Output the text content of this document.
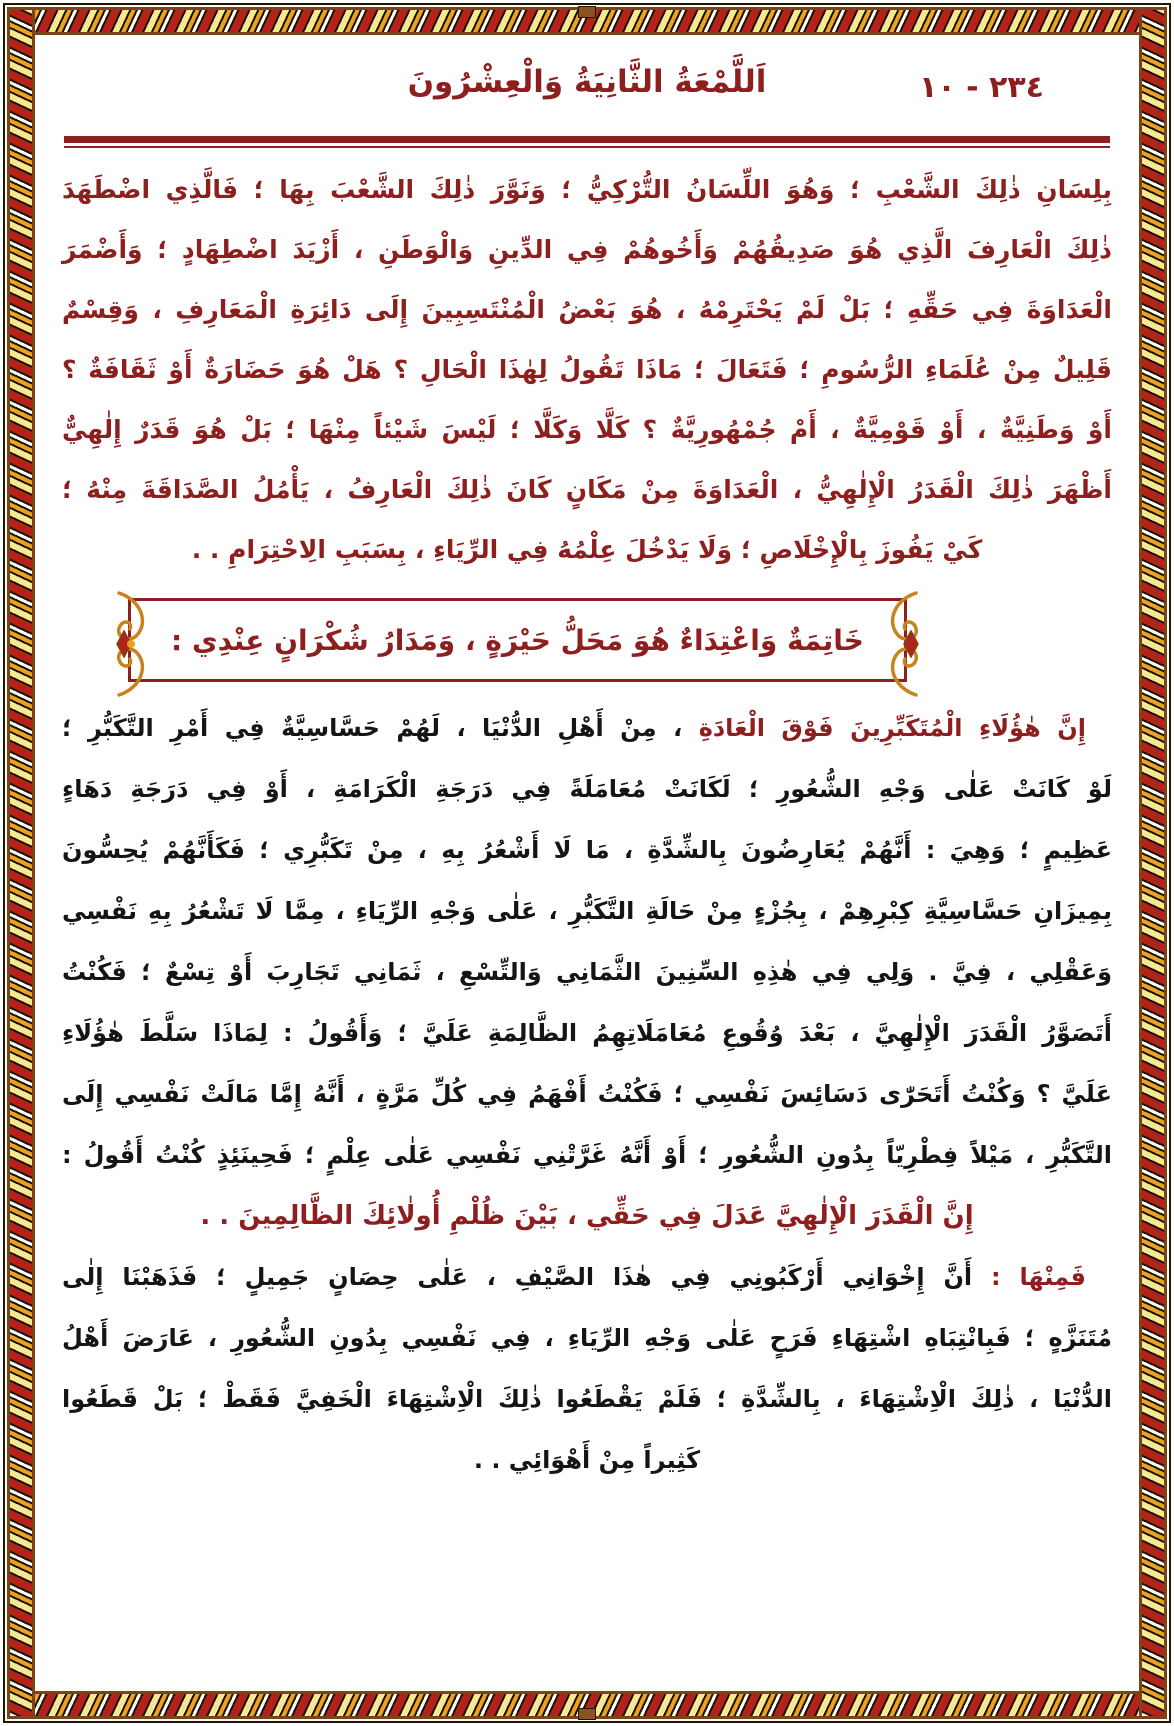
٢٣٤ - ١٠
اَللَّمْعَةُ الثَّانِيَةُ وَالْعِشْرُونَ
بِلِسَانِ ذٰلِكَ الشَّعْبِ ؛ وَهُوَ اللِّسَانُ التُّرْكِيُّ ؛ وَنَوَّرَ ذٰلِكَ الشَّعْبَ بِهَا ؛ فَالَّذِي اضْطَهَدَ
ذٰلِكَ الْعَارِفَ الَّذِي هُوَ صَدِيقُهُمْ وَأَخُوهُمْ فِي الدِّينِ وَالْوَطَنِ ، أَزْيَدَ اضْطِهَادٍ ؛ وَأَضْمَرَ
الْعَدَاوَةَ فِي حَقِّهِ ؛ بَلْ لَمْ يَحْتَرِمْهُ ، هُوَ بَعْضُ الْمُنْتَسِبِينَ إِلَى دَائِرَةِ الْمَعَارِفِ ، وَقِسْمٌ
قَلِيلٌ مِنْ عُلَمَاءِ الرُّسُومِ ؛ فَتَعَالَ ؛ مَاذَا تَقُولُ لِهٰذَا الْحَالِ ؟ هَلْ هُوَ حَضَارَةٌ أَوْ ثَقَافَةٌ ؟
أَوْ وَطَنِيَّةٌ ، أَوْ قَوْمِيَّةٌ ، أَمْ جُمْهُورِيَّةٌ ؟ كَلَّا وَكَلَّا ؛ لَيْسَ شَيْئاً مِنْهَا ؛ بَلْ هُوَ قَدَرٌ إِلٰهِيٌّ
أَظْهَرَ ذٰلِكَ الْقَدَرُ الْإِلٰهِيُّ ، الْعَدَاوَةَ مِنْ مَكَانٍ كَانَ ذٰلِكَ الْعَارِفُ ، يَأْمُلُ الصَّدَاقَةَ مِنْهُ ؛
كَيْ يَفُوزَ بِالْإِخْلَاصِ ؛ وَلَا يَدْخُلَ عِلْمُهُ فِي الرِّيَاءِ ، بِسَبَبِ الِاحْتِرَامِ . .
خَاتِمَةٌ وَاعْتِدَاءٌ هُوَ مَحَلُّ حَيْرَةٍ ، وَمَدَارُ شُكْرَانٍ عِنْدِي :
إِنَّ هٰؤُلَاءِ الْمُتَكَبِّرِينَ فَوْقَ الْعَادَةِ ، مِنْ أَهْلِ الدُّنْيَا ، لَهُمْ حَسَّاسِيَّةٌ فِي أَمْرِ التَّكَبُّرِ ؛
لَوْ كَانَتْ عَلٰى وَجْهِ الشُّعُورِ ؛ لَكَانَتْ مُعَامَلَةً فِي دَرَجَةِ الْكَرَامَةِ ، أَوْ فِي دَرَجَةِ دَهَاءٍ
عَظِيمٍ ؛ وَهِيَ : أَنَّهُمْ يُعَارِضُونَ بِالشِّدَّةِ ، مَا لَا أَشْعُرُ بِهِ ، مِنْ تَكَبُّرِي ؛ فَكَأَنَّهُمْ يُحِسُّونَ
بِمِيزَانِ حَسَّاسِيَّةِ كِبْرِهِمْ ، بِجُزْءٍ مِنْ حَالَةِ التَّكَبُّرِ ، عَلٰى وَجْهِ الرِّيَاءِ ، مِمَّا لَا تَشْعُرُ بِهِ نَفْسِي
وَعَقْلِي ، فِيَّ . وَلِي فِي هٰذِهِ السِّنِينَ الثَّمَانِي وَالتِّسْعِ ، ثَمَانِي تَجَارِبَ أَوْ تِسْعٌ ؛ فَكُنْتُ
أَتَصَوَّرُ الْقَدَرَ الْإِلٰهِيَّ ، بَعْدَ وُقُوعِ مُعَامَلَاتِهِمُ الظَّالِمَةِ عَلَيَّ ؛ وَأَقُولُ : لِمَاذَا سَلَّطَ هٰؤُلَاءِ
عَلَيَّ ؟ وَكُنْتُ أَتَحَرّٰى دَسَائِسَ نَفْسِي ؛ فَكُنْتُ أَفْهَمُ فِي كُلِّ مَرَّةٍ ، أَنَّهُ إِمَّا مَالَتْ نَفْسِي إِلَى
التَّكَبُّرِ ، مَيْلاً فِطْرِيّاً بِدُونِ الشُّعُورِ ؛ أَوْ أَنَّهُ غَرَّتْنِي نَفْسِي عَلٰى عِلْمٍ ؛ فَحِينَئِذٍ كُنْتُ أَقُولُ :
إِنَّ الْقَدَرَ الْإِلٰهِيَّ عَدَلَ فِي حَقِّي ، بَيْنَ ظُلْمِ أُولٰائِكَ الظَّالِمِينَ . .
فَمِنْهَا : أَنَّ إِخْوَانِي أَرْكَبُونِي فِي هٰذَا الصَّيْفِ ، عَلٰى حِصَانٍ جَمِيلٍ ؛ فَذَهَبْنَا إِلٰى
مُتَنَزَّهٍ ؛ فَبِانْتِبَاهِ اشْتِهَاءِ فَرَحٍ عَلٰى وَجْهِ الرِّيَاءِ ، فِي نَفْسِي بِدُونِ الشُّعُورِ ، عَارَضَ أَهْلُ
الدُّنْيَا ، ذٰلِكَ الْاِشْتِهَاءَ ، بِالشِّدَّةِ ؛ فَلَمْ يَقْطَعُوا ذٰلِكَ الْاِشْتِهَاءَ الْخَفِيَّ فَقَطْ ؛ بَلْ قَطَعُوا
كَثِيراً مِنْ أَهْوَائِي . .
